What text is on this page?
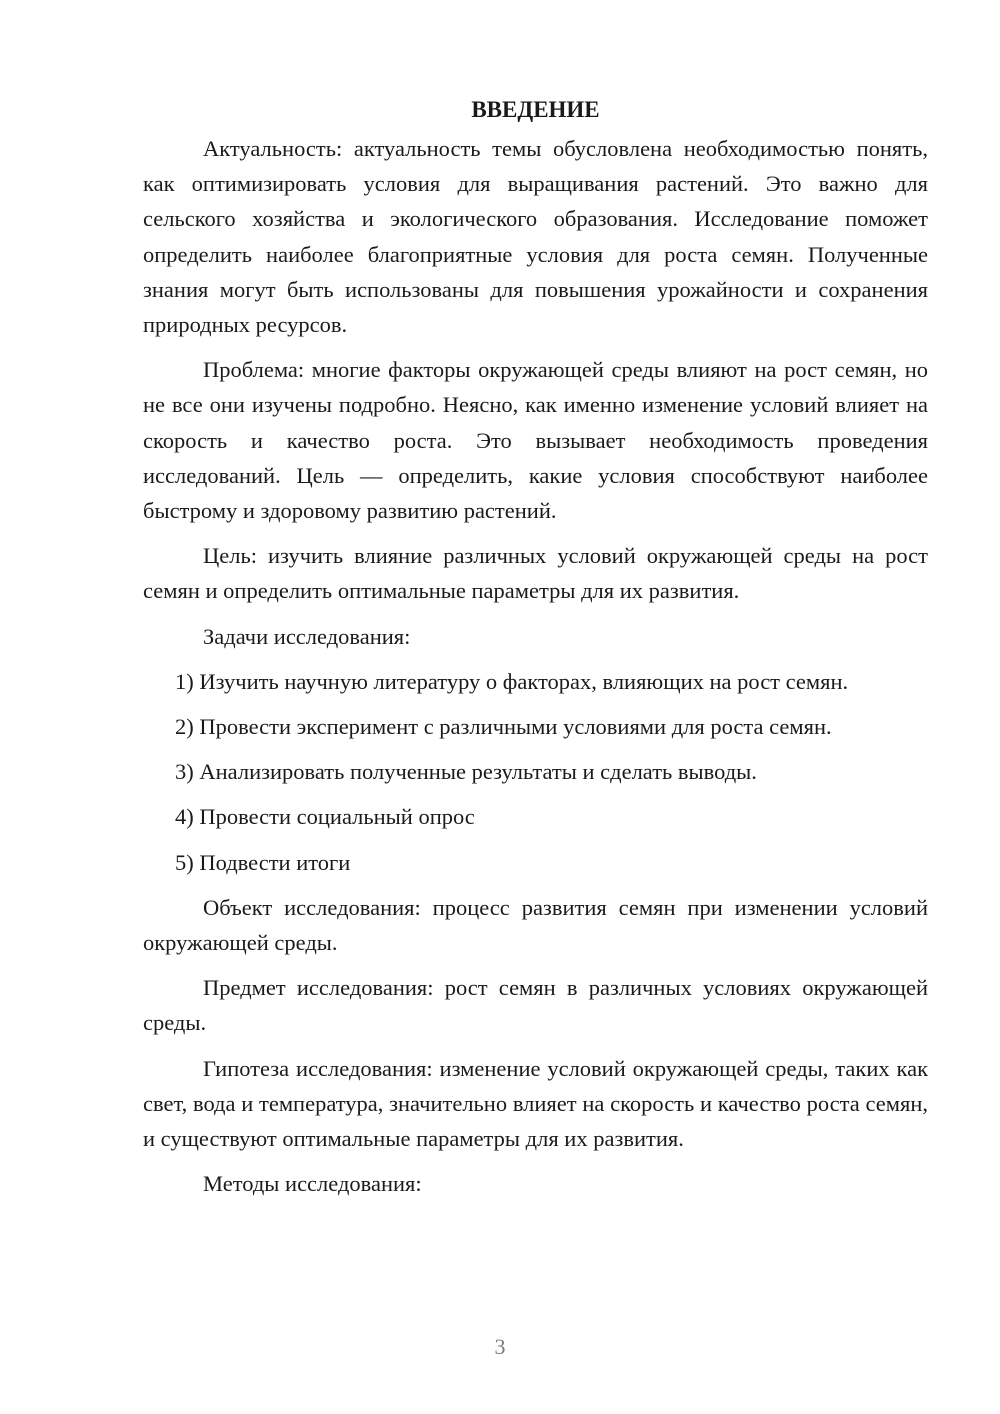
ВВЕДЕНИЕ

Актуальность: актуальность темы обусловлена необходимостью понять, как оптимизировать условия для выращивания растений. Это важно для сельского хозяйства и экологического образования. Исследование поможет определить наиболее благоприятные условия для роста семян. Полученные знания могут быть использованы для повышения урожайности и сохранения природных ресурсов.

Проблема: многие факторы окружающей среды влияют на рост семян, но не все они изучены подробно. Неясно, как именно изменение условий влияет на скорость и качество роста. Это вызывает необходимость проведения исследований. Цель — определить, какие условия способствуют наиболее быстрому и здоровому развитию растений.

Цель: изучить влияние различных условий окружающей среды на рост семян и определить оптимальные параметры для их развития.

Задачи исследования:

1) Изучить научную литературу о факторах, влияющих на рост семян.

2) Провести эксперимент с различными условиями для роста семян.

3) Анализировать полученные результаты и сделать выводы.

4) Провести социальный опрос

5) Подвести итоги

Объект исследования: процесс развития семян при изменении условий окружающей среды.

Предмет исследования: рост семян в различных условиях окружающей среды.

Гипотеза исследования: изменение условий окружающей среды, таких как свет, вода и температура, значительно влияет на скорость и качество роста семян, и существуют оптимальные параметры для их развития.

Методы исследования:

3
